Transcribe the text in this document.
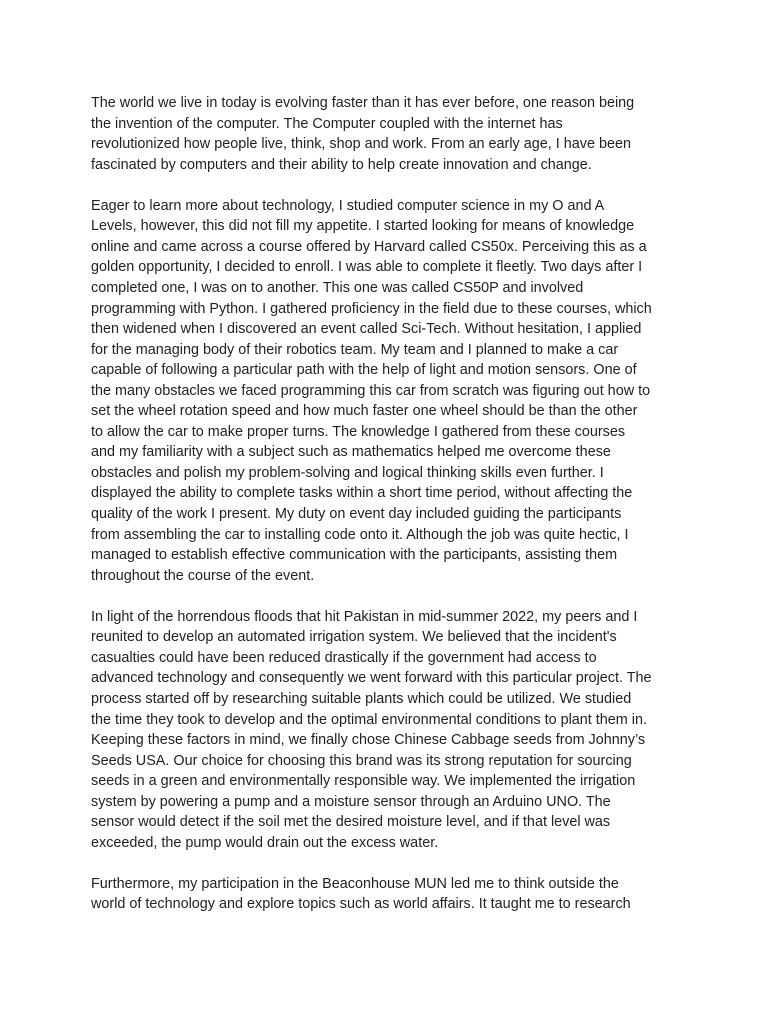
The world we live in today is evolving faster than it has ever before, one reason being
the invention of the computer. The Computer coupled with the internet has
revolutionized how people live, think, shop and work. From an early age, I have been
fascinated by computers and their ability to help create innovation and change.

Eager to learn more about technology, I studied computer science in my O and A
Levels, however, this did not fill my appetite. I started looking for means of knowledge
online and came across a course offered by Harvard called CS50x. Perceiving this as a
golden opportunity, I decided to enroll. I was able to complete it fleetly. Two days after I
completed one, I was on to another. This one was called CS50P and involved
programming with Python. I gathered proficiency in the field due to these courses, which
then widened when I discovered an event called Sci-Tech. Without hesitation, I applied
for the managing body of their robotics team. My team and I planned to make a car
capable of following a particular path with the help of light and motion sensors. One of
the many obstacles we faced programming this car from scratch was figuring out how to
set the wheel rotation speed and how much faster one wheel should be than the other
to allow the car to make proper turns. The knowledge I gathered from these courses
and my familiarity with a subject such as mathematics helped me overcome these
obstacles and polish my problem-solving and logical thinking skills even further. I
displayed the ability to complete tasks within a short time period, without affecting the
quality of the work I present. My duty on event day included guiding the participants
from assembling the car to installing code onto it. Although the job was quite hectic, I
managed to establish effective communication with the participants, assisting them
throughout the course of the event.

In light of the horrendous floods that hit Pakistan in mid-summer 2022, my peers and I
reunited to develop an automated irrigation system. We believed that the incident's
casualties could have been reduced drastically if the government had access to
advanced technology and consequently we went forward with this particular project. The
process started off by researching suitable plants which could be utilized. We studied
the time they took to develop and the optimal environmental conditions to plant them in.
Keeping these factors in mind, we finally chose Chinese Cabbage seeds from Johnny’s
Seeds USA. Our choice for choosing this brand was its strong reputation for sourcing
seeds in a green and environmentally responsible way. We implemented the irrigation
system by powering a pump and a moisture sensor through an Arduino UNO. The
sensor would detect if the soil met the desired moisture level, and if that level was
exceeded, the pump would drain out the excess water.

Furthermore, my participation in the Beaconhouse MUN led me to think outside the
world of technology and explore topics such as world affairs. It taught me to research
